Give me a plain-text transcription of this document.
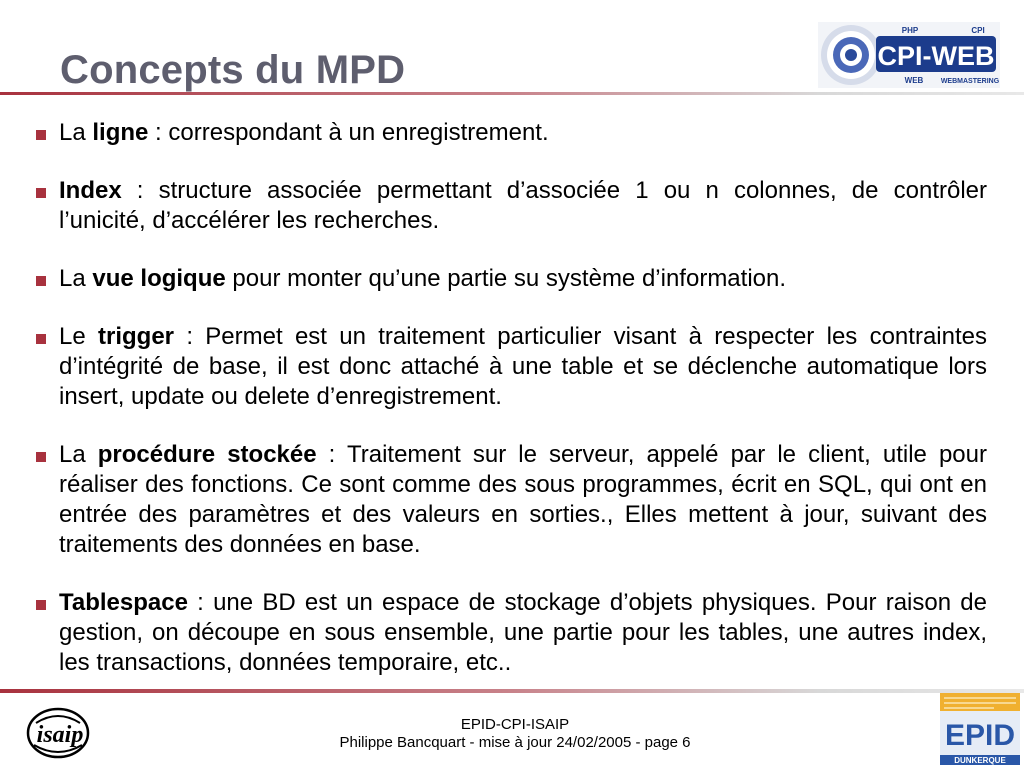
Concepts du MPD	CPI-WEB
PHP	CPI
WEB WEBMASTERING
La ligne : correspondant à un enregistrement.
Index : structure associée permettant d’associée 1 ou n colonnes, de contrôler l’unicité, d’accélérer les recherches.
La vue logique pour monter qu’une partie su système d’information.
Le trigger : Permet est un traitement particulier visant à respecter les contraintes d’intégrité de base, il est donc attaché à une table et se déclenche automatique lors insert, update ou delete d’enregistrement.
La procédure stockée : Traitement sur le serveur, appelé par le client, utile pour réaliser des fonctions. Ce sont comme des sous programmes, écrit en SQL, qui ont en entrée des paramètres et des valeurs en sorties., Elles mettent à jour, suivant des traitements des données en base.
Tablespace : une BD est un espace de stockage d’objets physiques. Pour raison de gestion, on découpe en sous ensemble, une partie pour les tables, une autres index, les transactions, données temporaire, etc..
isaip	EPID-CPI-ISAIP
Philippe Bancquart - mise à jour 24/02/2005 - page 6	EPID
DUNKERQUE
